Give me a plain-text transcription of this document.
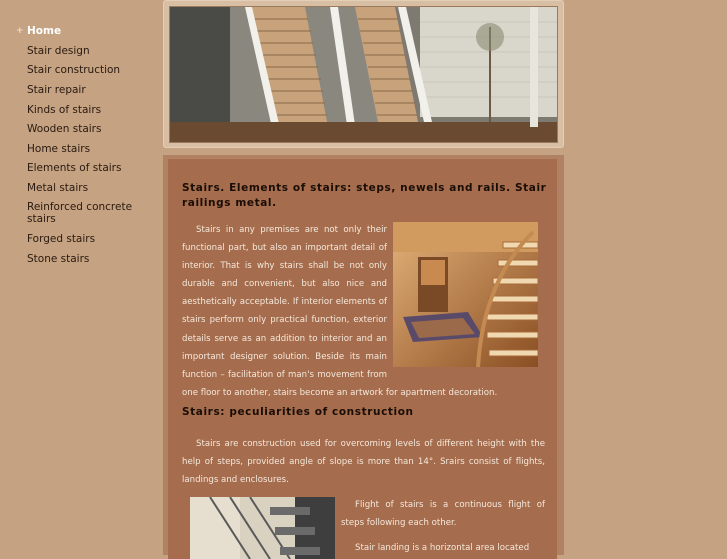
+ Home
Stair design
Stair construction
Stair repair
Kinds of stairs
Wooden stairs
Home stairs
Elements of stairs
Metal stairs
Reinforced concrete stairs
Forged stairs
Stone stairs
Stairs. Elements of stairs: steps, newels and rails. Stair railings metal.

Stairs in any premises are not only their functional part, but also an important detail of interior. That is why stairs shall be not only durable and convenient, but also nice and aesthetically acceptable. If interior elements of stairs perform only practical function, exterior details serve as an addition to interior and an important designer solution. Beside its main function – facilitation of man's movement from one floor to another, stairs become an artwork for apartment decoration.

Stairs: peculiarities of construction

Stairs are construction used for overcoming levels of different height with the help of steps, provided angle of slope is more than 14°. Srairs consist of flights, landings and enclosures.

Flight of stairs is a continuous flight of steps following each other.

Stair landing is a horizontal area located
